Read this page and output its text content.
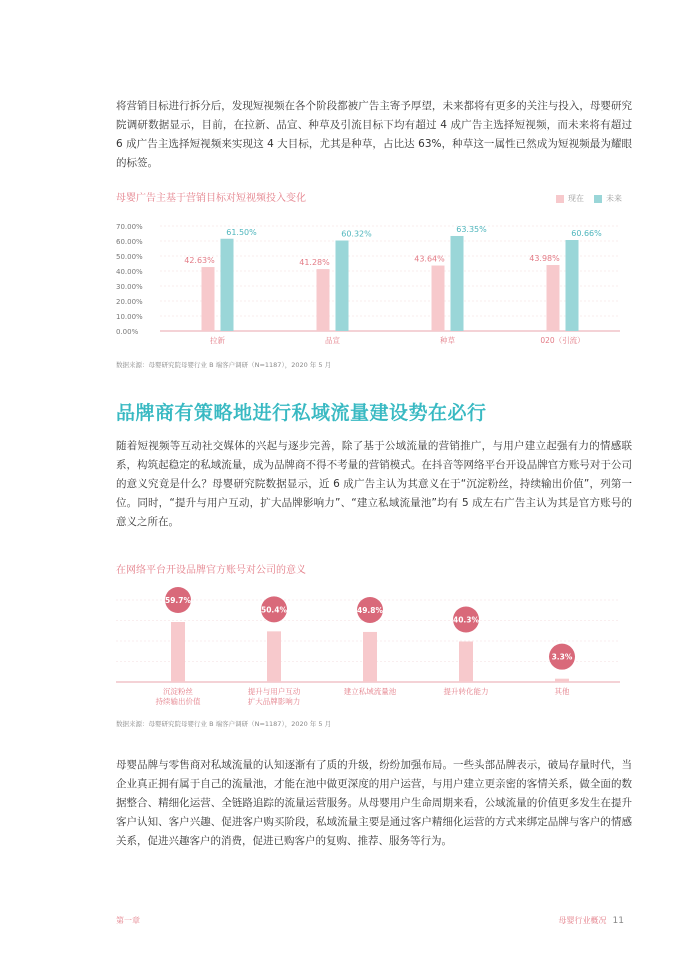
将营销目标进行拆分后，发现短视频在各个阶段都被广告主寄予厚望，未来都将有更多的关注与投入，母婴研究院调研数据显示，目前，在拉新、品宣、种草及引流目标下均有超过 4 成广告主选择短视频，而未来将有超过 6 成广告主选择短视频来实现这 4 大目标，尤其是种草，占比达 63%，种草这一属性已然成为短视频最为耀眼的标签。

母婴广告主基于营销目标对短视频投入变化	现在	未来
0.00%
10.00%
20.00%
30.00%
40.00%
50.00%
60.00%
70.00%
42.63%
61.50%
拉新
41.28%
60.32%
品宣
43.64%
63.35%
种草
43.98%
60.66%
020（引流）

数据来源：母婴研究院母婴行业 B 端客户调研（N=1187），2020 年 5 月

品牌商有策略地进行私域流量建设势在必行

随着短视频等互动社交媒体的兴起与逐步完善，除了基于公域流量的营销推广，与用户建立起强有力的情感联系，构筑起稳定的私域流量，成为品牌商不得不考量的营销模式。在抖音等网络平台开设品牌官方账号对于公司的意义究竟是什么？母婴研究院数据显示，近 6 成广告主认为其意义在于“沉淀粉丝，持续输出价值”，列第一位。同时，“提升与用户互动，扩大品牌影响力”、“建立私域流量池”均有 5 成左右广告主认为其是官方账号的意义之所在。

在网络平台开设品牌官方账号对公司的意义

59.7%
沉淀粉丝
持续输出价值
50.4%
提升与用户互动
扩大品牌影响力
49.8%
建立私域流量池
40.3%
提升转化能力
3.3%
其他

数据来源：母婴研究院母婴行业 B 端客户调研（N=1187），2020 年 5 月

母婴品牌与零售商对私域流量的认知逐渐有了质的升级，纷纷加强布局。一些头部品牌表示，破局存量时代，当企业真正拥有属于自己的流量池，才能在池中做更深度的用户运营，与用户建立更亲密的客情关系，做全面的数据整合、精细化运营、全链路追踪的流量运营服务。从母婴用户生命周期来看，公域流量的价值更多发生在提升客户认知、客户兴趣、促进客户购买阶段，私域流量主要是通过客户精细化运营的方式来绑定品牌与客户的情感关系，促进兴趣客户的消费，促进已购客户的复购、推荐、服务等行为。

第一章	母婴行业概况 11
